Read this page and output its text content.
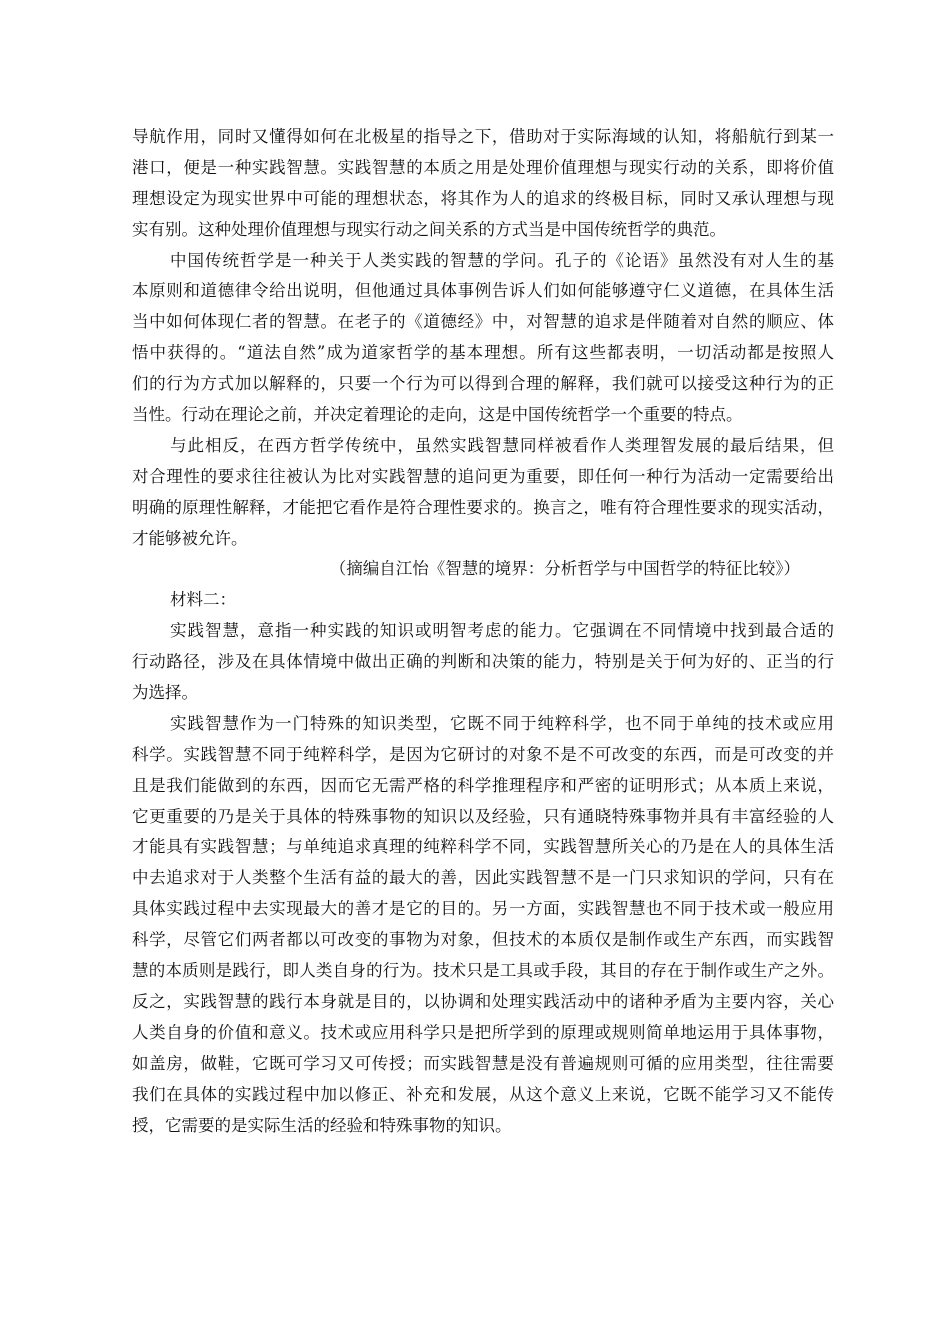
导航作用，同时又懂得如何在北极星的指导之下，借助对于实际海域的认知，将船航行到某一
港口，便是一种实践智慧。实践智慧的本质之用是处理价值理想与现实行动的关系，即将价值
理想设定为现实世界中可能的理想状态，将其作为人的追求的终极目标，同时又承认理想与现
实有别。这种处理价值理想与现实行动之间关系的方式当是中国传统哲学的典范。
中国传统哲学是一种关于人类实践的智慧的学问。孔子的《论语》虽然没有对人生的基
本原则和道德律令给出说明，但他通过具体事例告诉人们如何能够遵守仁义道德，在具体生活
当中如何体现仁者的智慧。在老子的《道德经》中，对智慧的追求是伴随着对自然的顺应、体
悟中获得的。“道法自然”成为道家哲学的基本理想。所有这些都表明，一切活动都是按照人
们的行为方式加以解释的，只要一个行为可以得到合理的解释，我们就可以接受这种行为的正
当性。行动在理论之前，并决定着理论的走向，这是中国传统哲学一个重要的特点。
与此相反，在西方哲学传统中，虽然实践智慧同样被看作人类理智发展的最后结果，但
对合理性的要求往往被认为比对实践智慧的追问更为重要，即任何一种行为活动一定需要给出
明确的原理性解释，才能把它看作是符合理性要求的。换言之，唯有符合理性要求的现实活动，
才能够被允许。
（摘编自江怡《智慧的境界：分析哲学与中国哲学的特征比较》）
材料二：
实践智慧，意指一种实践的知识或明智考虑的能力。它强调在不同情境中找到最合适的
行动路径，涉及在具体情境中做出正确的判断和决策的能力，特别是关于何为好的、正当的行
为选择。
实践智慧作为一门特殊的知识类型，它既不同于纯粹科学，也不同于单纯的技术或应用
科学。实践智慧不同于纯粹科学，是因为它研讨的对象不是不可改变的东西，而是可改变的并
且是我们能做到的东西，因而它无需严格的科学推理程序和严密的证明形式；从本质上来说，
它更重要的乃是关于具体的特殊事物的知识以及经验，只有通晓特殊事物并具有丰富经验的人
才能具有实践智慧；与单纯追求真理的纯粹科学不同，实践智慧所关心的乃是在人的具体生活
中去追求对于人类整个生活有益的最大的善，因此实践智慧不是一门只求知识的学问，只有在
具体实践过程中去实现最大的善才是它的目的。另一方面，实践智慧也不同于技术或一般应用
科学，尽管它们两者都以可改变的事物为对象，但技术的本质仅是制作或生产东西，而实践智
慧的本质则是践行，即人类自身的行为。技术只是工具或手段，其目的存在于制作或生产之外。
反之，实践智慧的践行本身就是目的，以协调和处理实践活动中的诸种矛盾为主要内容，关心
人类自身的价值和意义。技术或应用科学只是把所学到的原理或规则简单地运用于具体事物，
如盖房，做鞋，它既可学习又可传授；而实践智慧是没有普遍规则可循的应用类型，往往需要
我们在具体的实践过程中加以修正、补充和发展，从这个意义上来说，它既不能学习又不能传
授，它需要的是实际生活的经验和特殊事物的知识。
